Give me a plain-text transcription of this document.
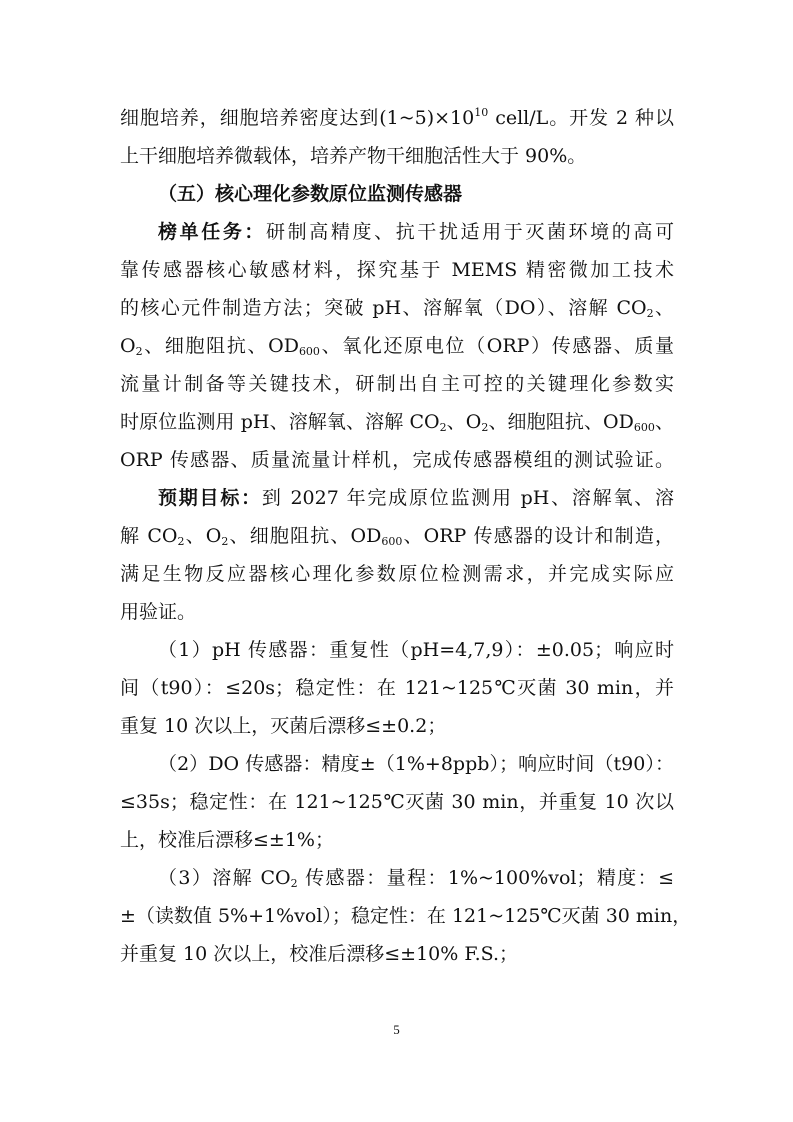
细胞培养，细胞培养密度达到$(1\sim 5)\times 10^{10}$ cell/L。开发 2 种以
上干细胞培养微载体，培养产物干细胞活性大于 90%。
（五）核心理化参数原位监测传感器
榜单任务：研制高精度、抗干扰适用于灭菌环境的高可
靠传感器核心敏感材料，探究基于 MEMS 精密微加工技术
的核心元件制造方法；突破 pH、溶解氧（DO）、溶解 $CO_2$、
$O_2$、细胞阻抗、$OD_{600}$、氧化还原电位（ORP）传感器、质量
流量计制备等关键技术，研制出自主可控的关键理化参数实
时原位监测用 pH、溶解氧、溶解 $CO_2$、$O_2$、细胞阻抗、$OD_{600}$、
ORP 传感器、质量流量计样机，完成传感器模组的测试验证。
预期目标：到 2027 年完成原位监测用 pH、溶解氧、溶
解 $CO_2$、$O_2$、细胞阻抗、$OD_{600}$、ORP 传感器的设计和制造，
满足生物反应器核心理化参数原位检测需求，并完成实际应
用验证。
（1）pH 传感器：重复性（pH=4,7,9）：±0.05；响应时
间（t90）：≤20s；稳定性：在 121~125℃灭菌 30 min，并
重复 10 次以上，灭菌后漂移≤±0.2；
（2）DO 传感器：精度±（1%+8ppb）；响应时间（t90）：
≤35s；稳定性：在 121~125℃灭菌 30 min，并重复 10 次以
上，校准后漂移≤±1%；
（3）溶解 $CO_2$ 传感器：量程：1%~100%vol；精度：≤
±（读数值 5%+1%vol）；稳定性：在 121~125℃灭菌 30 min，
并重复 10 次以上，校准后漂移≤±10% F.S.；
5
